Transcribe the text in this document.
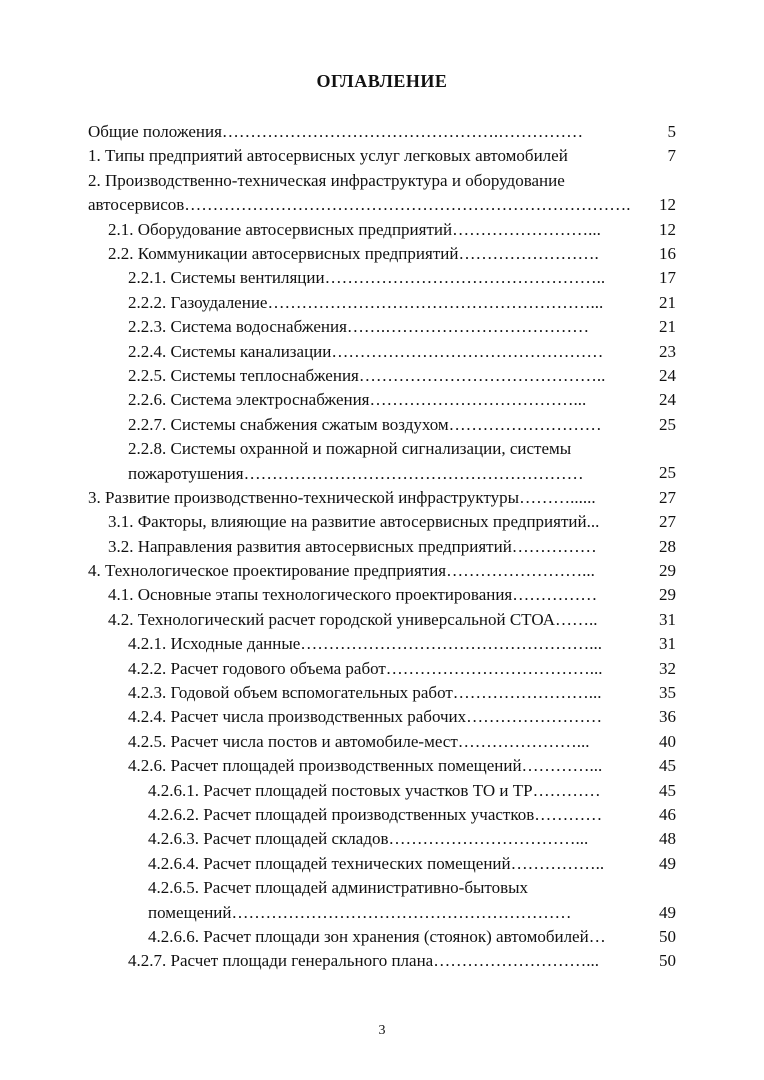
ОГЛАВЛЕНИЕ
Общие положения………………………………………….……………	5
1. Типы предприятий автосервисных услуг легковых автомобилей	7
2. Производственно-техническая инфраструктура и оборудование автосервисов…………………………………………………………………….	12
2.1. Оборудование автосервисных предприятий……………………...	12
2.2. Коммуникации автосервисных предприятий…………………….	16
2.2.1. Системы вентиляции…………………………………………..	17
2.2.2. Газоудаление…………………………………………………...	21
2.2.3. Система водоснабжения…….………………………………	21
2.2.4. Системы канализации…………………………………………	23
2.2.5. Системы теплоснабжения……………………………………..	24
2.2.6. Система электроснабжения………………………………...	24
2.2.7. Системы снабжения сжатым воздухом………………………	25
2.2.8. Системы охранной и пожарной сигнализации, системы пожаротушения……………………………………………………	25
3. Развитие производственно-технической инфраструктуры………......	27
3.1. Факторы, влияющие на развитие автосервисных предприятий...	27
3.2. Направления развития автосервисных предприятий……………	28
4. Технологическое проектирование предприятия……………………...	29
4.1. Основные этапы технологического проектирования……………	29
4.2. Технологический расчет городской универсальной СТОА……..	31
4.2.1. Исходные данные……………………………………………...	31
4.2.2. Расчет годового объема работ………………………………...	32
4.2.3. Годовой объем вспомогательных работ……………………...	35
4.2.4. Расчет числа производственных рабочих……………………	36
4.2.5. Расчет числа постов и автомобиле-мест…………………...	40
4.2.6. Расчет площадей производственных помещений…………...	45
4.2.6.1. Расчет площадей постовых участков ТО и ТР…………	45
4.2.6.2. Расчет площадей производственных участков…………	46
4.2.6.3. Расчет площадей складов……………………………...	48
4.2.6.4. Расчет площадей технических помещений……………..	49
4.2.6.5. Расчет площадей административно-бытовых помещений……………………………………………………	49
4.2.6.6. Расчет площади зон хранения (стоянок) автомобилей…	50
4.2.7. Расчет площади генерального плана………………………...	50
3
